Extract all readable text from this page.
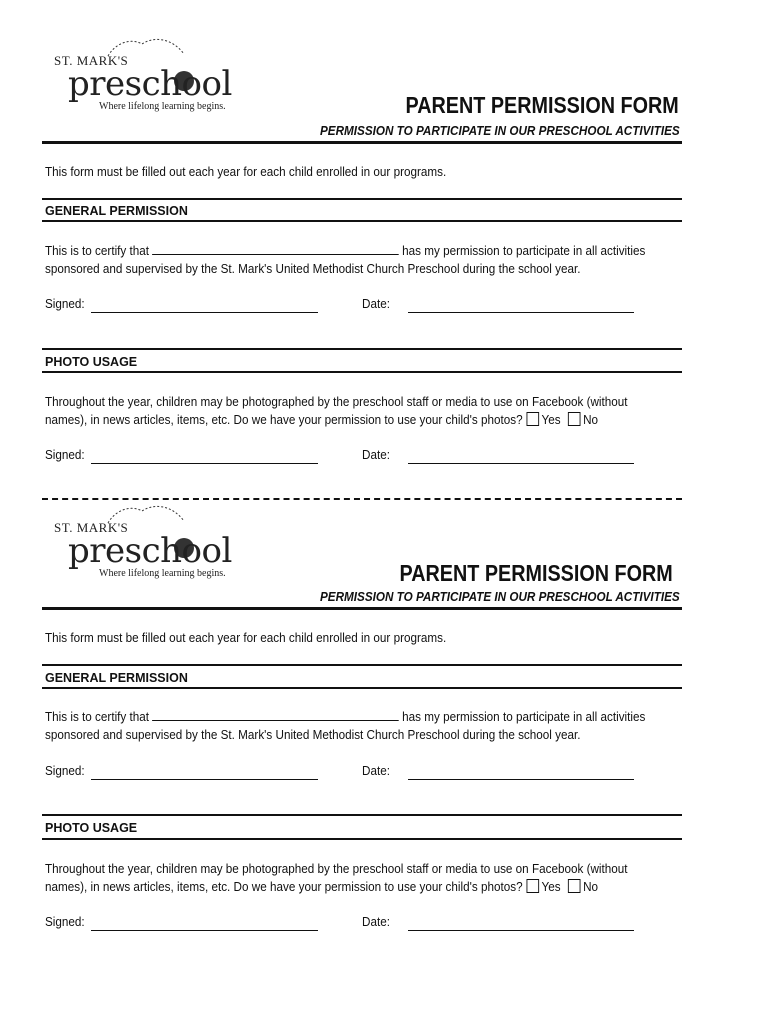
ST. MARK'S
preschool
Where lifelong learning begins.	PARENT PERMISSION FORM
PERMISSION TO PARTICIPATE IN OUR PRESCHOOL ACTIVITIES
This form must be filled out each year for each child enrolled in our programs.
GENERAL PERMISSION
This is to certify that	has my permission to participate in all activities
sponsored and supervised by the St. Mark's United Methodist Church Preschool during the school year.
Signed:	Date:
PHOTO USAGE
Throughout the year, children may be photographed by the preschool staff or media to use on Facebook (without
names), in news articles, items, etc. Do we have your permission to use your child's photos? Yes No
Signed:	Date:
ST. MARK'S
preschool
Where lifelong learning begins.	PARENT PERMISSION FORM
PERMISSION TO PARTICIPATE IN OUR PRESCHOOL ACTIVITIES
This form must be filled out each year for each child enrolled in our programs.
GENERAL PERMISSION
This is to certify that	has my permission to participate in all activities
sponsored and supervised by the St. Mark's United Methodist Church Preschool during the school year.
Signed:	Date:
PHOTO USAGE
Throughout the year, children may be photographed by the preschool staff or media to use on Facebook (without
names), in news articles, items, etc. Do we have your permission to use your child's photos? Yes No
Signed:	Date:
